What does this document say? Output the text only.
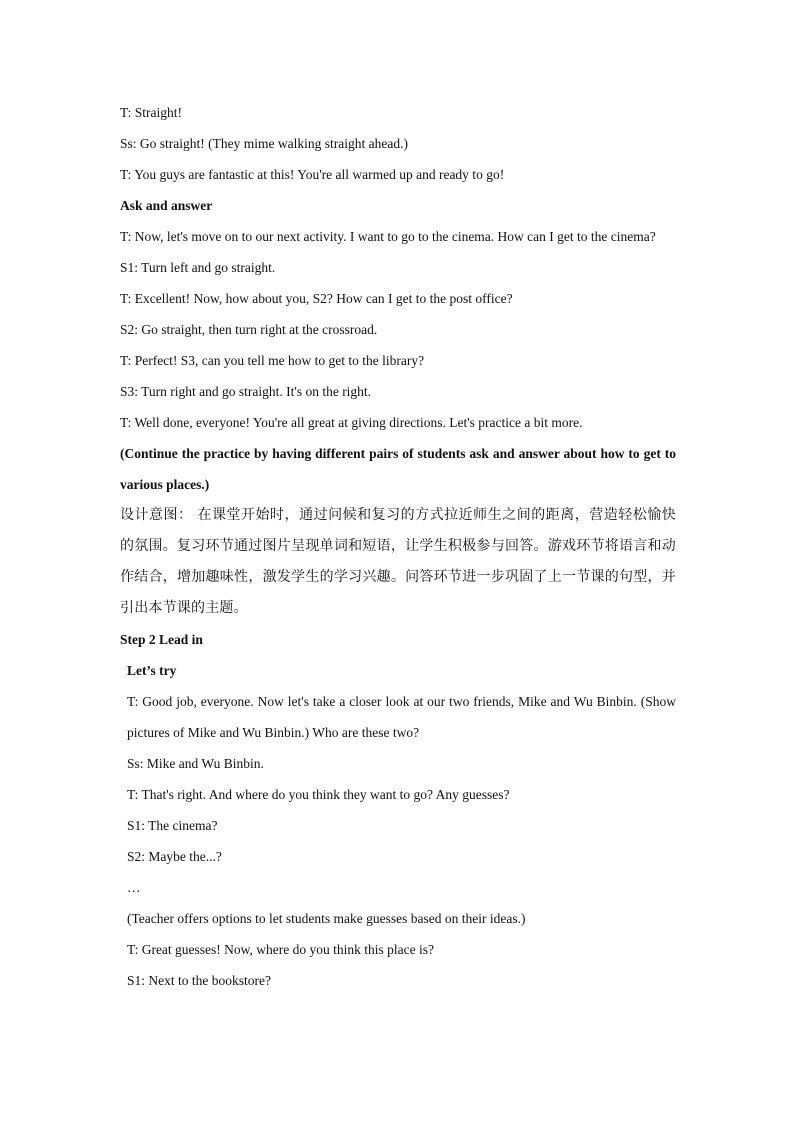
T: Straight!

Ss: Go straight! (They mime walking straight ahead.)

T: You guys are fantastic at this! You're all warmed up and ready to go!

Ask and answer

T: Now, let's move on to our next activity. I want to go to the cinema. How can I get to the cinema?

S1: Turn left and go straight.

T: Excellent! Now, how about you, S2? How can I get to the post office?

S2: Go straight, then turn right at the crossroad.

T: Perfect! S3, can you tell me how to get to the library?

S3: Turn right and go straight. It's on the right.

T: Well done, everyone! You're all great at giving directions. Let's practice a bit more.

(Continue the practice by having different pairs of students ask and answer about how to get to various places.)

设计意图： 在课堂开始时，通过问候和复习的方式拉近师生之间的距离，营造轻松愉快的氛围。复习环节通过图片呈现单词和短语，让学生积极参与回答。游戏环节将语言和动作结合，增加趣味性，激发学生的学习兴趣。问答环节进一步巩固了上一节课的句型，并引出本节课的主题。

Step 2 Lead in

Let’s try

T: Good job, everyone. Now let's take a closer look at our two friends, Mike and Wu Binbin. (Show pictures of Mike and Wu Binbin.) Who are these two?

Ss: Mike and Wu Binbin.

T: That's right. And where do you think they want to go? Any guesses?

S1: The cinema?

S2: Maybe the...?

…

(Teacher offers options to let students make guesses based on their ideas.)

T: Great guesses! Now, where do you think this place is?

S1: Next to the bookstore?
